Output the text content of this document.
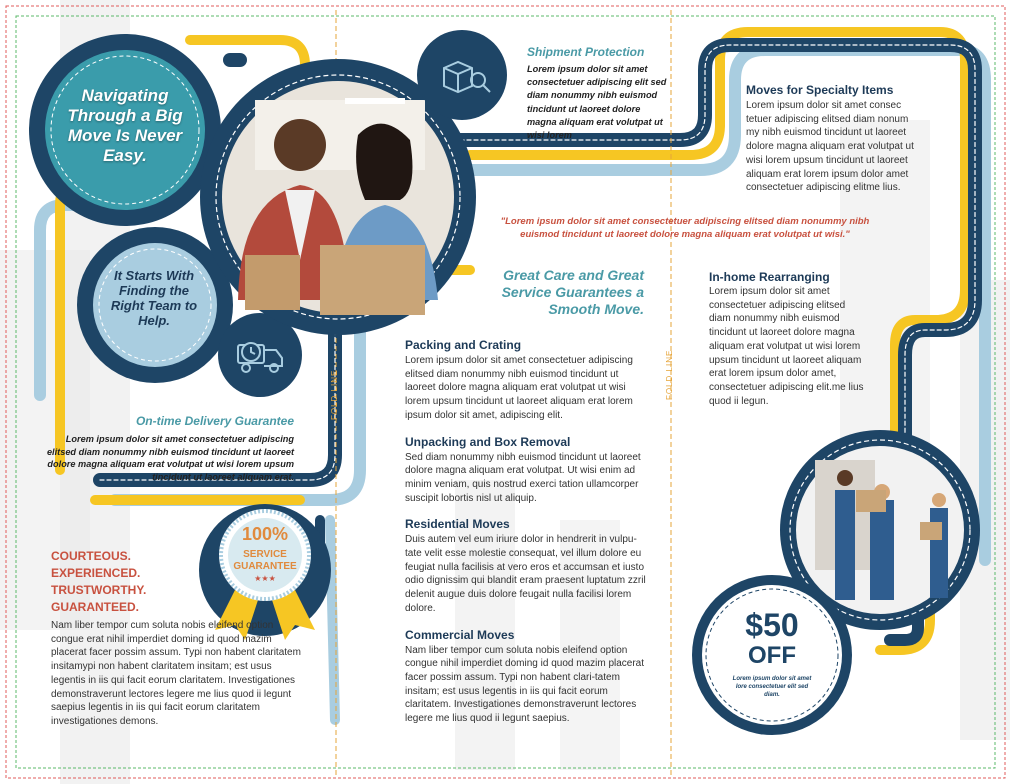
Navigating Through a Big Move Is Never Easy.
It Starts With Finding the Right Team to Help.
On-time Delivery Guarantee
Lorem ipsum dolor sit amet consectetuer adipiscing elitsed diam nonummy nibh euismod tincidunt ut laoreet dolore magna aliquam erat volutpat ut wisi lorem upsum tincidunt ut laoreet aliquam erat.
100%
SERVICE
GUARANTEE
★★★
COURTEOUS.
EXPERIENCED.
TRUSTWORTHY.
GUARANTEED.
Nam liber tempor cum soluta nobis eleifend option congue erat nihil imperdiet doming id quod mazim placerat facer possim assum. Typi non habent claritatem insitamypi non habent claritatem insitam; est usus legentis in iis qui facit eorum claritatem. Investigationes demonstraverunt lectores legere me lius quod ii legunt saepius legentis in iis qui facit eorum claritatem investigationes demons.
FOLD LINE	FOLD LINE
Shipment Protection
Lorem ipsum dolor sit amet consectetuer adipiscing elit sed diam nonummy nibh euismod tincidunt ut laoreet dolore magna aliquam erat volutpat ut wisi lorem
"Lorem ipsum dolor sit amet consectetuer adipiscing elitsed diam nonummy nibh euismod tincidunt ut laoreet dolore magna aliquam erat volutpat ut wisi."
Great Care and Great Service Guarantees a Smooth Move.
Packing and Crating
Lorem ipsum dolor sit amet consectetuer adipiscing elitsed diam nonummy nibh euismod tincidunt ut laoreet dolore magna aliquam erat volutpat ut wisi lorem upsum tincidunt ut laoreet aliquam erat lorem ipsum dolor sit amet, adipiscing elit.
Unpacking and Box Removal
Sed diam nonummy nibh euismod tincidunt ut laoreet dolore magna aliquam erat volutpat. Ut wisi enim ad minim veniam, quis nostrud exerci tation ullamcorper suscipit lobortis nisl ut aliquip.
Residential Moves
Duis autem vel eum iriure dolor in hendrerit in vulpu-tate velit esse molestie consequat, vel illum dolore eu feugiat nulla facilisis at vero eros et accumsan et iusto odio dignissim qui blandit eram praesent luptatum zzril delenit augue duis dolore feugait nulla facilisi lorem dolore.
Commercial Moves
Nam liber tempor cum soluta nobis eleifend option congue nihil imperdiet doming id quod mazim placerat facer possim assum. Typi non habent clari-tatem insitam; est usus legentis in iis qui facit eorum claritatem. Investigationes demonstraverunt lectores legere me lius quod ii legunt saepius.
Moves for Specialty Items
Lorem ipsum dolor sit amet consec tetuer adipiscing elitsed diam nonum my nibh euismod tincidunt ut laoreet dolore magna aliquam erat volutpat ut wisi lorem upsum tincidunt ut laoreet aliquam erat lorem ipsum dolor amet consectetuer adipiscing elitme lius.
In-home Rearranging
Lorem ipsum dolor sit amet consectetuer adipiscing elitsed diam nonummy nibh euismod tincidunt ut laoreet dolore magna aliquam erat volutpat ut wisi lorem upsum tincidunt ut laoreet aliquam erat lorem ipsum dolor amet, consectetuer adipiscing elit.me lius quod ii legun.
$50
OFF
Lorem ipsum dolor sit amet lore consectetuer elit sed diam.
